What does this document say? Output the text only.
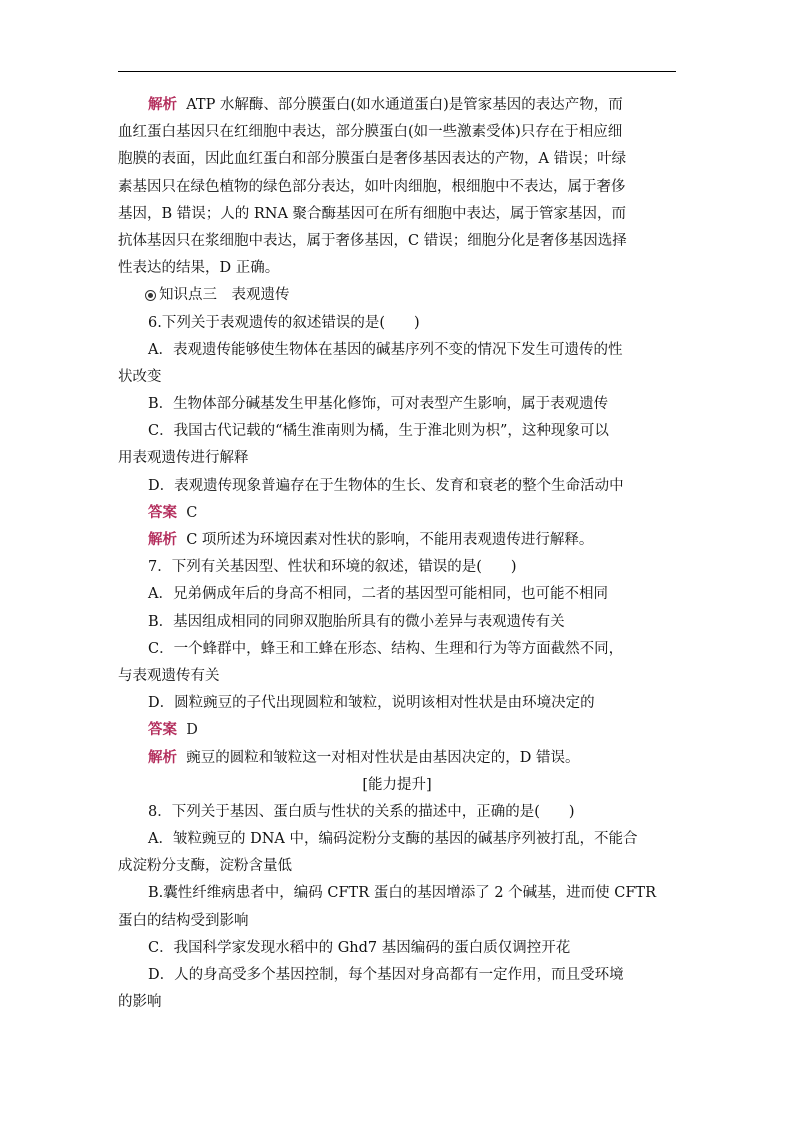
解析 ATP 水解酶、部分膜蛋白(如水通道蛋白)是管家基因的表达产物，而
血红蛋白基因只在红细胞中表达，部分膜蛋白(如一些激素受体)只存在于相应细
胞膜的表面，因此血红蛋白和部分膜蛋白是奢侈基因表达的产物，A 错误；叶绿
素基因只在绿色植物的绿色部分表达，如叶肉细胞，根细胞中不表达，属于奢侈
基因，B 错误；人的 RNA 聚合酶基因可在所有细胞中表达，属于管家基因，而
抗体基因只在浆细胞中表达，属于奢侈基因，C 错误；细胞分化是奢侈基因选择
性表达的结果，D 正确。
知识点三　表观遗传
6.下列关于表观遗传的叙述错误的是(　　)
A．表观遗传能够使生物体在基因的碱基序列不变的情况下发生可遗传的性
状改变
B．生物体部分碱基发生甲基化修饰，可对表型产生影响，属于表观遗传
C．我国古代记载的“橘生淮南则为橘，生于淮北则为枳”，这种现象可以
用表观遗传进行解释
D．表观遗传现象普遍存在于生物体的生长、发育和衰老的整个生命活动中
答案 C
解析 C 项所述为环境因素对性状的影响，不能用表观遗传进行解释。
7．下列有关基因型、性状和环境的叙述，错误的是(　　)
A．兄弟俩成年后的身高不相同，二者的基因型可能相同，也可能不相同
B．基因组成相同的同卵双胞胎所具有的微小差异与表观遗传有关
C．一个蜂群中，蜂王和工蜂在形态、结构、生理和行为等方面截然不同，
与表观遗传有关
D．圆粒豌豆的子代出现圆粒和皱粒，说明该相对性状是由环境决定的
答案 D
解析 豌豆的圆粒和皱粒这一对相对性状是由基因决定的，D 错误。
[能力提升]
8．下列关于基因、蛋白质与性状的关系的描述中，正确的是(　　)
A．皱粒豌豆的 DNA 中，编码淀粉分支酶的基因的碱基序列被打乱，不能合
成淀粉分支酶，淀粉含量低
B.囊性纤维病患者中，编码 CFTR 蛋白的基因增添了 2 个碱基，进而使 CFTR
蛋白的结构受到影响
C．我国科学家发现水稻中的 Ghd7 基因编码的蛋白质仅调控开花
D．人的身高受多个基因控制，每个基因对身高都有一定作用，而且受环境
的影响
